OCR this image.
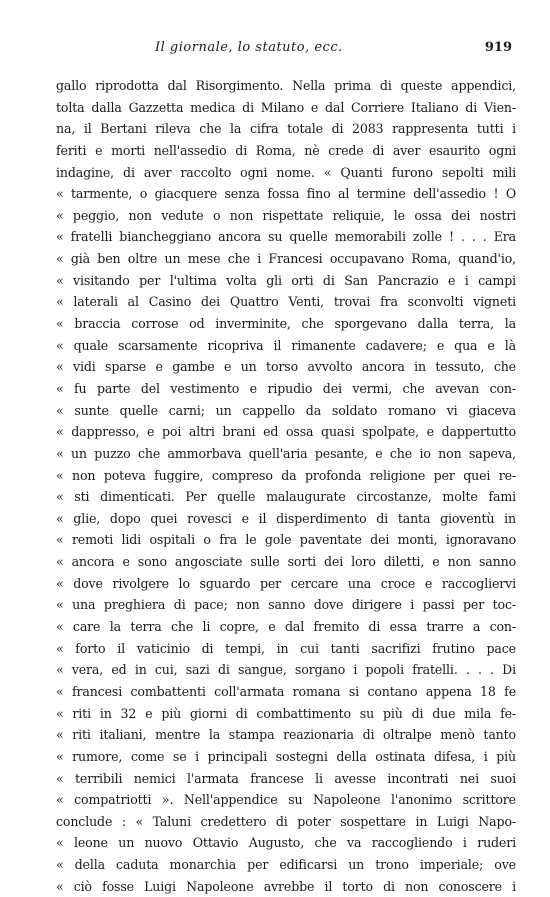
Il giornale, lo statuto, ecc.	919
gallo riprodotta dal Risorgimento. Nella prima di queste appendici,
tolta dalla Gazzetta medica di Milano e dal Corriere Italiano di Vien-
na, il Bertani rileva che la cifra totale di 2083 rappresenta tutti i
feriti e morti nell'assedio di Roma, nè crede di aver esaurito ogni
indagine, di aver raccolto ogni nome. « Quanti furono sepolti mili
« tarmente, o giacquere senza fossa fino al termine dell'assedio ! O
« peggio, non vedute o non rispettate reliquie, le ossa dei nostri
« fratelli biancheggiano ancora su quelle memorabili zolle ! . . . Era
« già ben oltre un mese che i Francesi occupavano Roma, quand'io,
« visitando per l'ultima volta gli orti di San Pancrazio e i campi
« laterali al Casino dei Quattro Venti, trovai fra sconvolti vigneti
« braccia corrose od inverminite, che sporgevano dalla terra, la
« quale scarsamente ricopriva il rimanente cadavere; e qua e là
« vidi sparse e gambe e un torso avvolto ancora in tessuto, che
« fu parte del vestimento e ripudio dei vermi, che avevan con-
« sunte quelle carni; un cappello da soldato romano vi giaceva
« dappresso, e poi altri brani ed ossa quasi spolpate, e dappertutto
« un puzzo che ammorbava quell'aria pesante, e che io non sapeva,
« non poteva fuggire, compreso da profonda religione per quei re-
« sti dimenticati. Per quelle malaugurate circostanze, molte fami
« glie, dopo quei rovesci e il disperdimento di tanta gioventù in
« remoti lidi ospitali o fra le gole paventate dei monti, ignoravano
« ancora e sono angosciate sulle sorti dei loro diletti, e non sanno
« dove rivolgere lo sguardo per cercare una croce e raccogliervi
« una preghiera di pace; non sanno dove dirigere i passi per toc-
« care la terra che li copre, e dal fremito di essa trarre a con-
« forto il vaticinio di tempi, in cui tanti sacrifizi frutino pace
« vera, ed in cui, sazi di sangue, sorgano i popoli fratelli. . . . Di
« francesi combattenti coll'armata romana si contano appena 18 fe
« riti in 32 e più giorni di combattimento su più di due mila fe-
« riti italiani, mentre la stampa reazionaria di oltralpe menò tanto
« rumore, come se i principali sostegni della ostinata difesa, i più
« terribili nemici l'armata francese li avesse incontrati nei suoi
« compatriotti ». Nell'appendice su Napoleone l'anonimo scrittore
conclude : « Taluni credettero di poter sospettare in Luigi Napo-
« leone un nuovo Ottavio Augusto, che va raccogliendo i ruderi
« della caduta monarchia per edificarsi un trono imperiale; ove
« ciò fosse Luigi Napoleone avrebbe il torto di non conoscere i
